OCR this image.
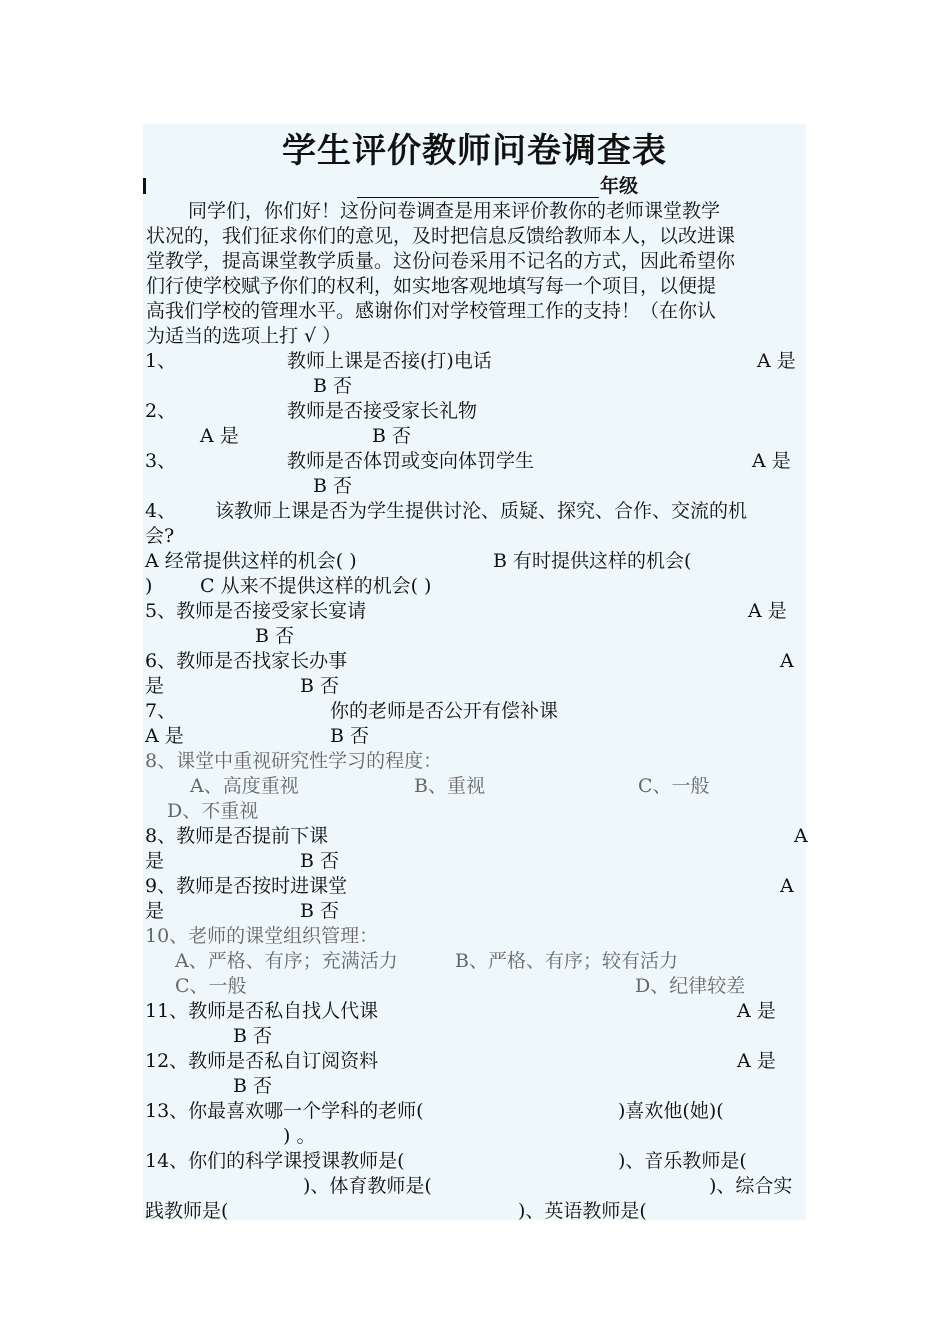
学生评价教师问卷调查表
年级
同学们，你们好！这份问卷调查是用来评价教你的老师课堂教学
状况的，我们征求你们的意见，及时把信息反馈给教师本人，以改进课
堂教学，提高课堂教学质量。这份问卷采用不记名的方式，因此希望你
们行使学校赋予你们的权利，如实地客观地填写每一个项目，以便提
高我们学校的管理水平。感谢你们对学校管理工作的支持！（在你认
为适当的选项上打 √ ）
1、	教师上课是否接(打)电话	A 是
B 否
2、	教师是否接受家长礼物
A 是	B 否
3、	教师是否体罚或变向体罚学生	A 是
B 否
4、 该教师上课是否为学生提供讨沦、质疑、探究、合作、交流的机
会?
A 经常提供这样的机会( )	B 有时提供这样的机会(
)	C 从来不提供这样的机会( )
5、教师是否接受家长宴请	A 是
B 否
6、教师是否找家长办事	A
是	B 否
7、	你的老师是否公开有偿补课
A 是	B 否
8、课堂中重视研究性学习的程度：
A、高度重视	B、重视	C、一般
D、不重视
8、教师是否提前下课	A
是	B 否
9、教师是否按时进课堂	A
是	B 否
10、老师的课堂组织管理：
A、严格、有序；充满活力	B、严格、有序；较有活力
C、一般	D、纪律较差
11、教师是否私自找人代课	A 是
B 否
12、教师是否私自订阅资料	A 是
B 否
13、你最喜欢哪一个学科的老师(	)喜欢他(她)(
) 。
14、你们的科学课授课教师是(	)、音乐教师是(
)、体育教师是(	)、综合实
践教师是(	)、英语教师是(
